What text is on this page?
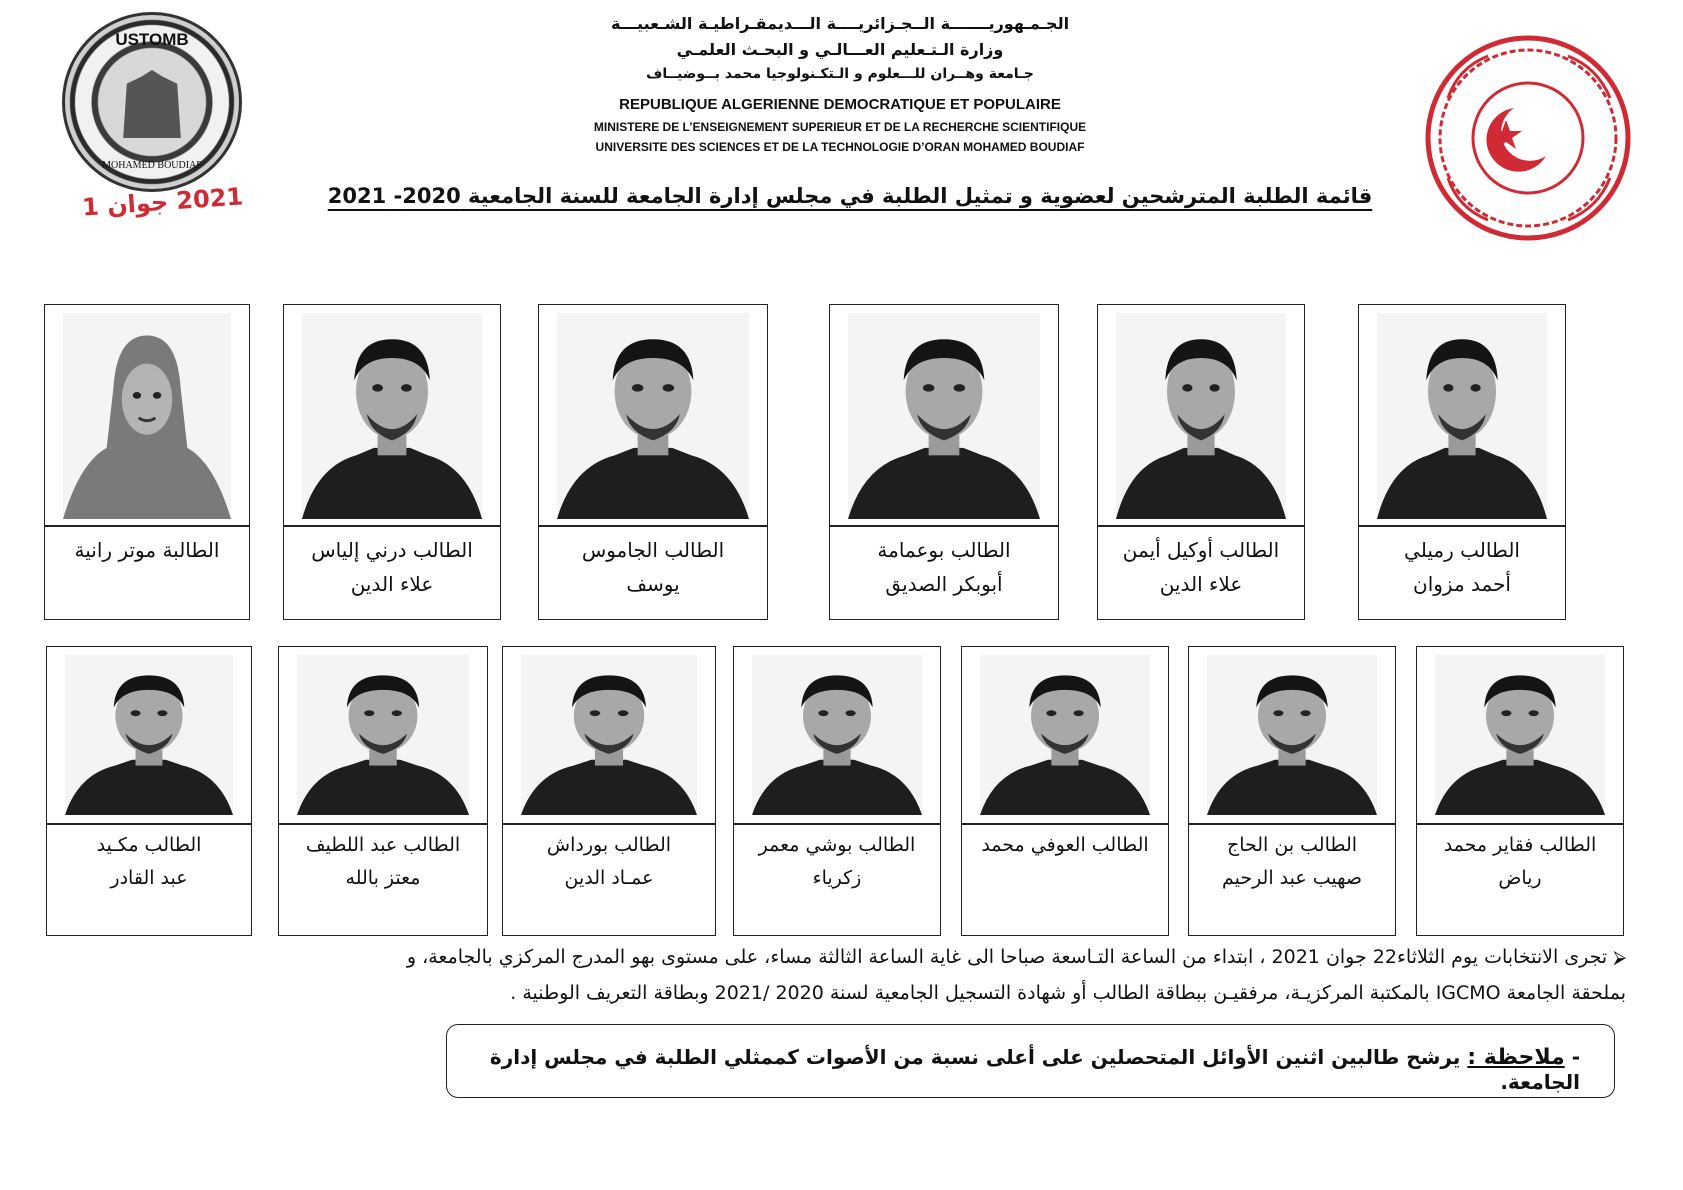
USTOMB
MOHAMED BOUDIAF
2021 جوان 1
الجـمـهوريـــــــة الــجـزائريــــة الـــديمقـراطيـة الشـعبيـــة
وزارة الـتـعليم العـــالـي و البحـث العلمـي
جـامعة وهــران للـــعلوم و الـتكـنولوجيا محمد بــوضيــاف
REPUBLIQUE ALGERIENNE DEMOCRATIQUE ET POPULAIRE
MINISTERE DE L’ENSEIGNEMENT SUPERIEUR ET DE LA RECHERCHE SCIENTIFIQUE
UNIVERSITE DES SCIENCES ET DE LA TECHNOLOGIE D’ORAN MOHAMED BOUDIAF
قائمة الطلبة المترشحين لعضوية و تمثيل الطلبة في مجلس إدارة الجامعة للسنة الجامعية 2020- 2021
الطالب رميلي
أحمد مزوان
الطالب أوكيل أيمن
علاء الدين
الطالب بوعمامة
أبوبكر الصديق
الطالب الجاموس
يوسف
الطالب درني إلياس
علاء الدين
الطالبة موتر رانية
الطالب فقاير محمد
رياض
الطالب بن الحاج
صهيب عبد الرحيم
الطالب العوفي محمد
الطالب بوشي معمر
زكرياء
الطالب بورداش
عمـاد الدين
الطالب عبد اللطيف
معتز بالله
الطالب مكـيد
عبد القادر
⮚ تجرى الانتخابات يوم الثلاثاء22 جوان 2021 ، ابتداء من الساعة التـاسعة صباحا الى غاية الساعة الثالثة مساء، على مستوى بهو المدرج المركزي بالجامعة، و
بملحقة الجامعة IGCMO بالمكتبة المركزيـة، مرفقيـن ببطاقة الطالب أو شهادة التسجيل الجامعية لسنة 2020 /2021 وبطاقة التعريف الوطنية .
- ملاحظة : يرشح طالبين اثنين الأوائل المتحصلين على أعلى نسبة من الأصوات كممثلي الطلبة في مجلس إدارة الجامعة.
